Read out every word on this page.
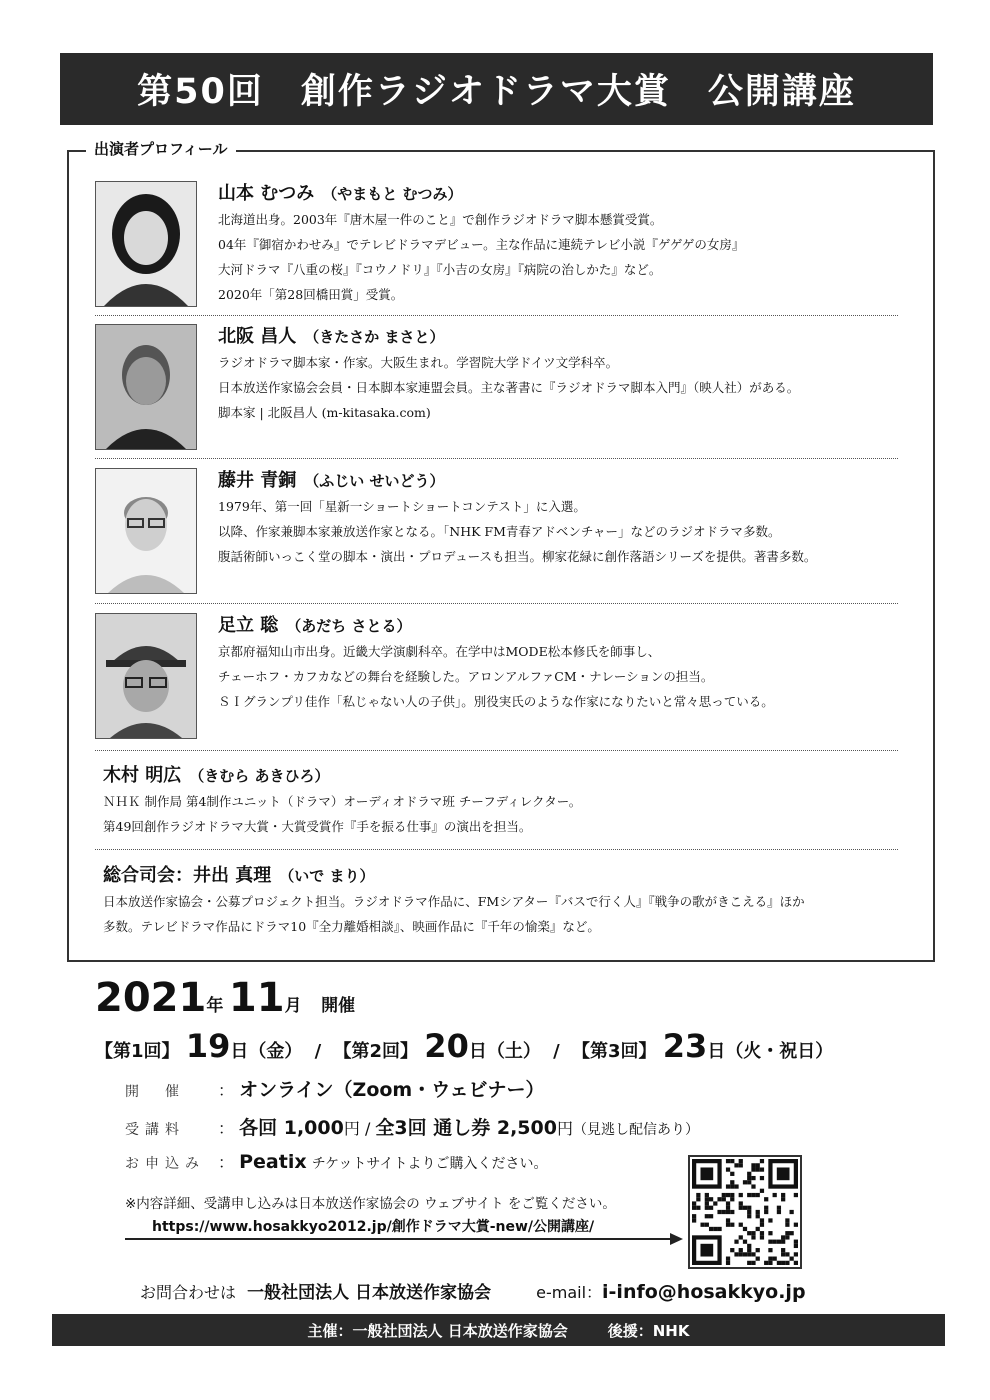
第50回　創作ラジオドラマ大賞　公開講座
出演者プロフィール
山本 むつみ （やまもと むつみ）
北海道出身。2003年『唐木屋一件のこと』で創作ラジオドラマ脚本懸賞受賞。
04年『御宿かわせみ』でテレビドラマデビュー。主な作品に連続テレビ小説『ゲゲゲの女房』
大河ドラマ『八重の桜』『コウノドリ』『小吉の女房』『病院の治しかた』など。
2020年「第28回橋田賞」受賞。
北阪 昌人 （きたさか まさと）
ラジオドラマ脚本家・作家。大阪生まれ。学習院大学ドイツ文学科卒。
日本放送作家協会会員・日本脚本家連盟会員。主な著書に『ラジオドラマ脚本入門』（映人社）がある。
脚本家 | 北阪昌人 (m-kitasaka.com)
藤井 青銅 （ふじい せいどう）
1979年、第一回「星新一ショートショートコンテスト」に入選。
以降、作家兼脚本家兼放送作家となる。「NHK FM青春アドベンチャー」などのラジオドラマ多数。
腹話術師いっこく堂の脚本・演出・プロデュースも担当。柳家花緑に創作落語シリーズを提供。著書多数。
足立 聡 （あだち さとる）
京都府福知山市出身。近畿大学演劇科卒。在学中はMODE松本修氏を師事し、
チェーホフ・カフカなどの舞台を経験した。アロンアルファCM・ナレーションの担当。
ＳＩグランプリ佳作「私じゃない人の子供」。別役実氏のような作家になりたいと常々思っている。
木村 明広 （きむら あきひろ）
ＮＨＫ 制作局 第4制作ユニット（ドラマ）オーディオドラマ班 チーフディレクター。
第49回創作ラジオドラマ大賞・大賞受賞作『手を振る仕事』の演出を担当。
総合司会：井出 真理 （いで まり）
日本放送作家協会・公募プロジェクト担当。ラジオドラマ作品に、FMシアター『バスで行く人』『戦争の歌がきこえる』ほか
多数。テレビドラマ作品にドラマ10『全力離婚相談』、映画作品に『千年の愉楽』など。
2021年 11月 開催
【第1回】 19日（金） / 【第2回】 20日（土） / 【第3回】 23日（火・祝日）
開　催 ： オンライン（Zoom・ウェビナー）
受講料 ： 各回 1,000円 / 全3回 通し券 2,500円（見逃し配信あり）
お申込み ： Peatix チケットサイトよりご購入ください。
※内容詳細、受講申し込みは日本放送作家協会の ウェブサイト をご覧ください。
https://www.hosakkyo2012.jp/創作ドラマ大賞-new/公開講座/
お問合わせは 一般社団法人 日本放送作家協会	e-mail：i-info@hosakkyo.jp
主催：一般社団法人 日本放送作家協会	後援：NHK
